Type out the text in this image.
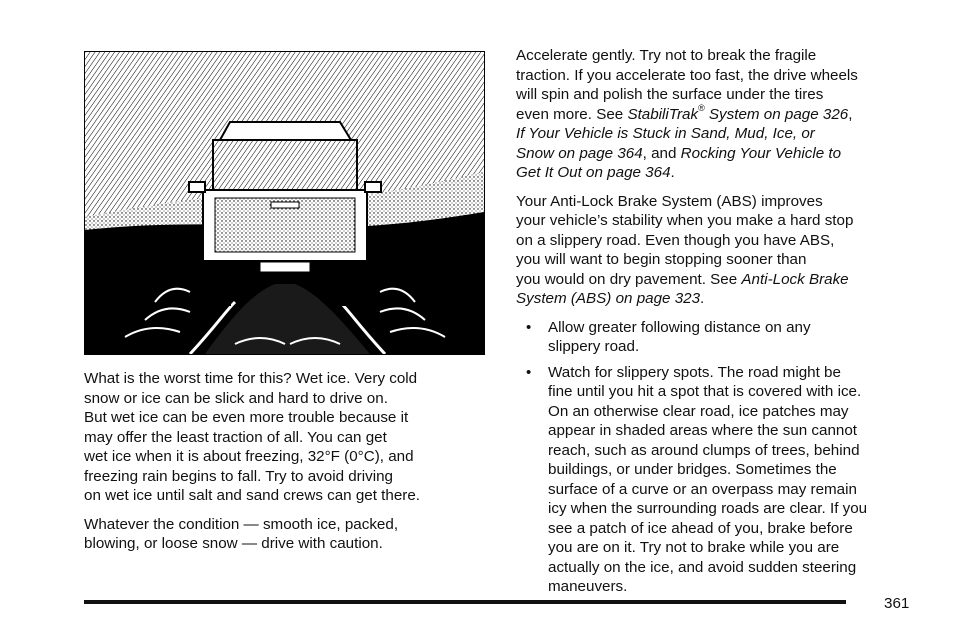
What is the worst time for this? Wet ice. Very cold
snow or ice can be slick and hard to drive on.
But wet ice can be even more trouble because it
may offer the least traction of all. You can get
wet ice when it is about freezing, 32°F (0°C), and
freezing rain begins to fall. Try to avoid driving
on wet ice until salt and sand crews can get there.

Whatever the condition — smooth ice, packed,
blowing, or loose snow — drive with caution.

Accelerate gently. Try not to break the fragile
traction. If you accelerate too fast, the drive wheels
will spin and polish the surface under the tires
even more. See StabiliTrak® System on page 326,
If Your Vehicle is Stuck in Sand, Mud, Ice, or
Snow on page 364, and Rocking Your Vehicle to
Get It Out on page 364.

Your Anti-Lock Brake System (ABS) improves
your vehicle’s stability when you make a hard stop
on a slippery road. Even though you have ABS,
you will want to begin stopping sooner than
you would on dry pavement. See Anti-Lock Brake
System (ABS) on page 323.

• Allow greater following distance on any
slippery road.
• Watch for slippery spots. The road might be
fine until you hit a spot that is covered with ice.
On an otherwise clear road, ice patches may
appear in shaded areas where the sun cannot
reach, such as around clumps of trees, behind
buildings, or under bridges. Sometimes the
surface of a curve or an overpass may remain
icy when the surrounding roads are clear. If you
see a patch of ice ahead of you, brake before
you are on it. Try not to brake while you are
actually on the ice, and avoid sudden steering
maneuvers.
361
